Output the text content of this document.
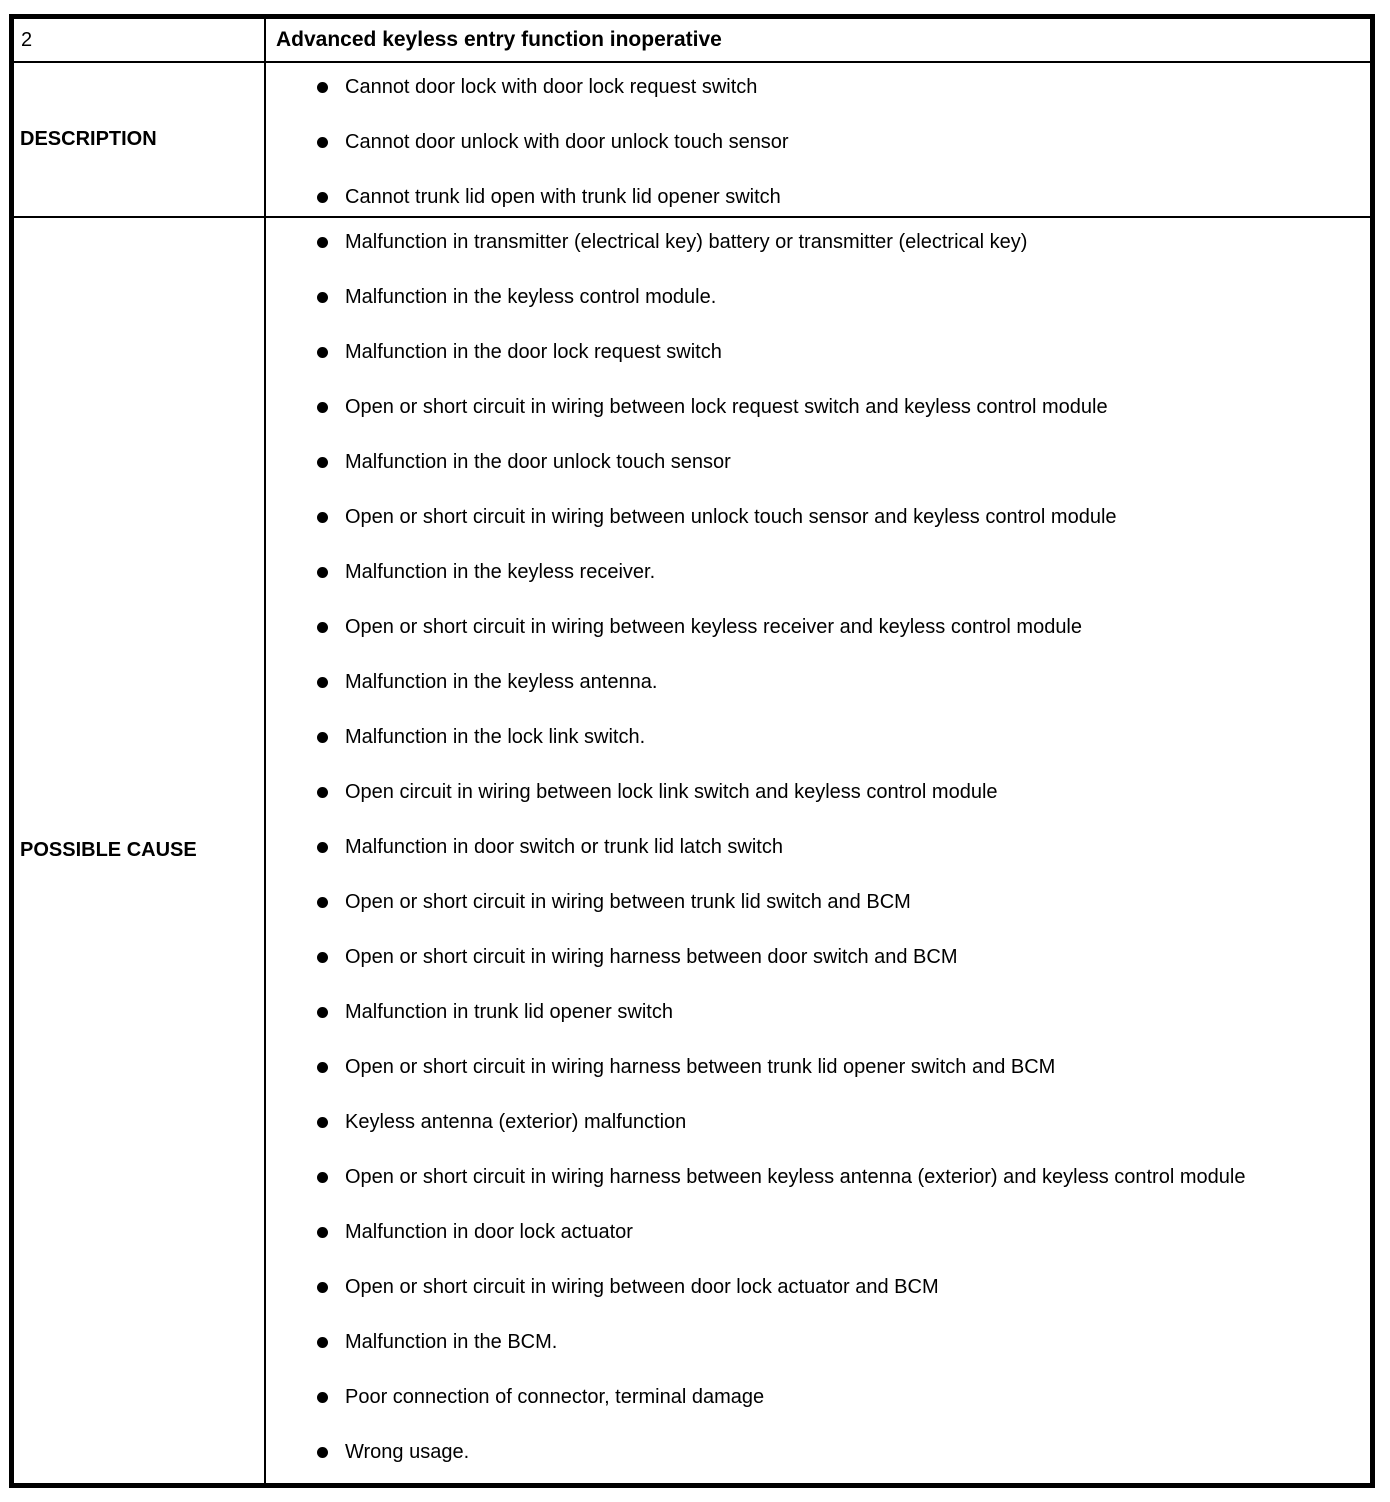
2	Advanced keyless entry function inoperative
DESCRIPTION
Cannot door lock with door lock request switch
Cannot door unlock with door unlock touch sensor
Cannot trunk lid open with trunk lid opener switch
POSSIBLE CAUSE
Malfunction in transmitter (electrical key) battery or transmitter (electrical key)
Malfunction in the keyless control module.
Malfunction in the door lock request switch
Open or short circuit in wiring between lock request switch and keyless control module
Malfunction in the door unlock touch sensor
Open or short circuit in wiring between unlock touch sensor and keyless control module
Malfunction in the keyless receiver.
Open or short circuit in wiring between keyless receiver and keyless control module
Malfunction in the keyless antenna.
Malfunction in the lock link switch.
Open circuit in wiring between lock link switch and keyless control module
Malfunction in door switch or trunk lid latch switch
Open or short circuit in wiring between trunk lid switch and BCM
Open or short circuit in wiring harness between door switch and BCM
Malfunction in trunk lid opener switch
Open or short circuit in wiring harness between trunk lid opener switch and BCM
Keyless antenna (exterior) malfunction
Open or short circuit in wiring harness between keyless antenna (exterior) and keyless control module
Malfunction in door lock actuator
Open or short circuit in wiring between door lock actuator and BCM
Malfunction in the BCM.
Poor connection of connector, terminal damage
Wrong usage.
